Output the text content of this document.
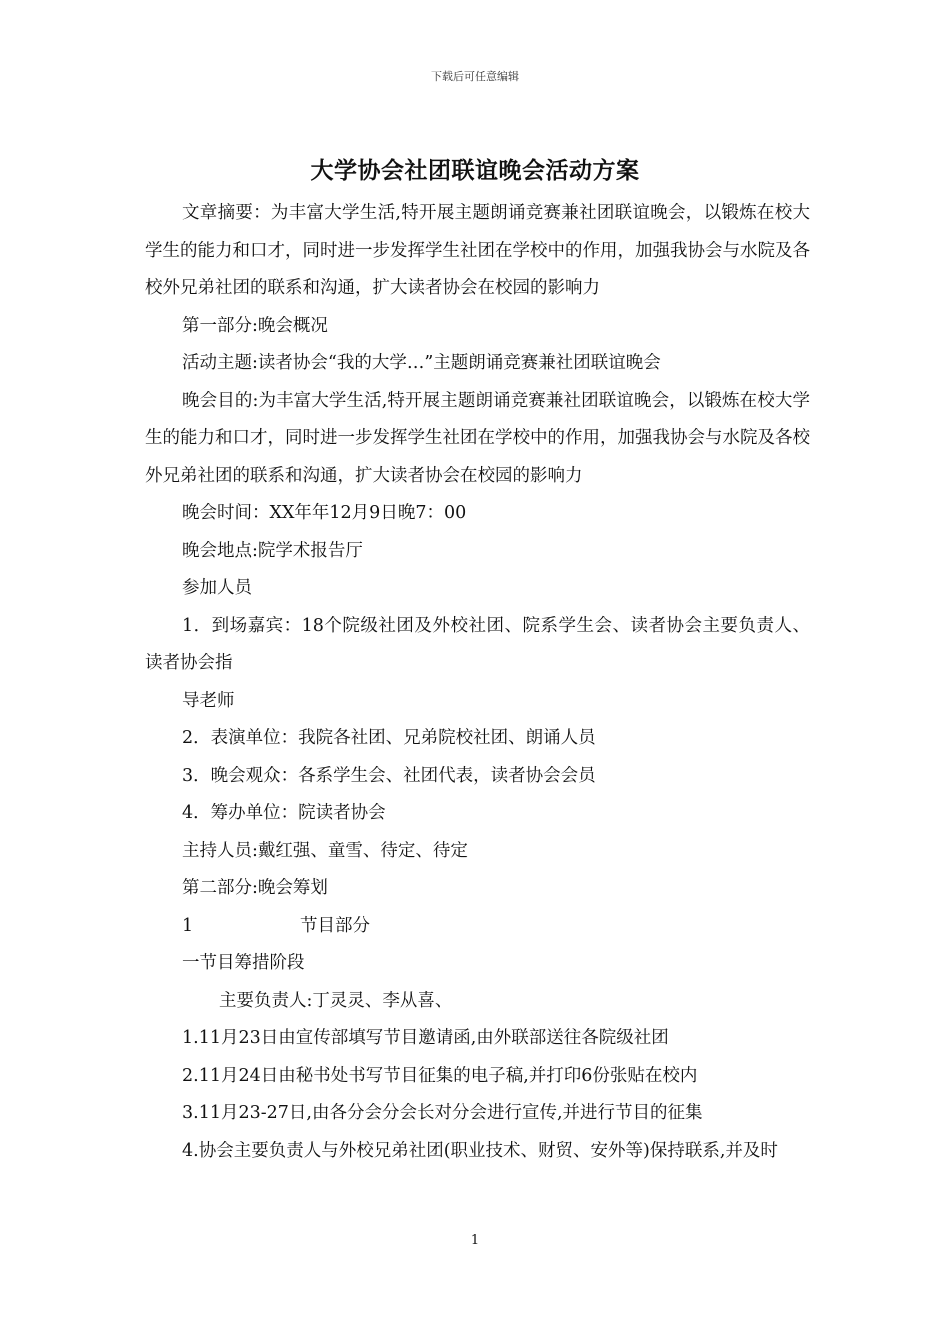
下载后可任意编辑
大学协会社团联谊晚会活动方案

文章摘要：为丰富大学生活,特开展主题朗诵竞赛兼社团联谊晚会，以锻炼在校大学生的能力和口才，同时进一步发挥学生社团在学校中的作用，加强我协会与水院及各校外兄弟社团的联系和沟通，扩大读者协会在校园的影响力

第一部分:晚会概况

活动主题:读者协会“我的大学…”主题朗诵竞赛兼社团联谊晚会

晚会目的:为丰富大学生活,特开展主题朗诵竞赛兼社团联谊晚会，以锻炼在校大学生的能力和口才，同时进一步发挥学生社团在学校中的作用，加强我协会与水院及各校外兄弟社团的联系和沟通，扩大读者协会在校园的影响力

晚会时间：XX年年12月9日晚7：00

晚会地点:院学术报告厅

参加人员

1．到场嘉宾：18个院级社团及外校社团、院系学生会、读者协会主要负责人、读者协会指

导老师

2．表演单位：我院各社团、兄弟院校社团、朗诵人员

3．晚会观众：各系学生会、社团代表，读者协会会员

4．筹办单位：院读者协会

主持人员:戴红强、童雪、待定、待定

第二部分:晚会筹划

1	节目部分

一节目筹措阶段

主要负责人:丁灵灵、李从喜、

1.11月23日由宣传部填写节目邀请函,由外联部送往各院级社团

2.11月24日由秘书处书写节目征集的电子稿,并打印6份张贴在校内

3.11月23-27日,由各分会分会长对分会进行宣传,并进行节目的征集

4.协会主要负责人与外校兄弟社团(职业技术、财贸、安外等)保持联系,并及时

1
